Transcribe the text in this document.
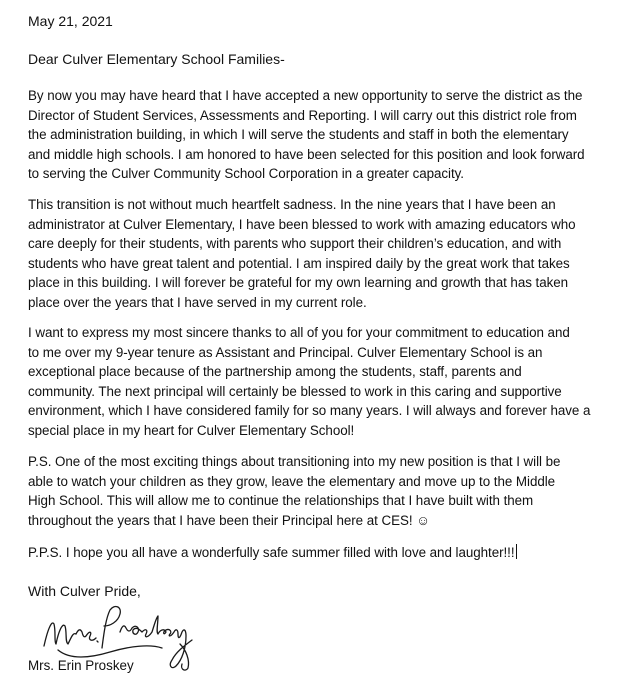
May 21, 2021
Dear Culver Elementary School Families-
By now you may have heard that I have accepted a new opportunity to serve the district as the
Director of Student Services, Assessments and Reporting. I will carry out this district role from
the administration building, in which I will serve the students and staff in both the elementary
and middle high schools. I am honored to have been selected for this position and look forward
to serving the Culver Community School Corporation in a greater capacity.
This transition is not without much heartfelt sadness. In the nine years that I have been an
administrator at Culver Elementary, I have been blessed to work with amazing educators who
care deeply for their students, with parents who support their children’s education, and with
students who have great talent and potential. I am inspired daily by the great work that takes
place in this building. I will forever be grateful for my own learning and growth that has taken
place over the years that I have served in my current role.
I want to express my most sincere thanks to all of you for your commitment to education and
to me over my 9-year tenure as Assistant and Principal. Culver Elementary School is an
exceptional place because of the partnership among the students, staff, parents and
community. The next principal will certainly be blessed to work in this caring and supportive
environment, which I have considered family for so many years. I will always and forever have a
special place in my heart for Culver Elementary School!
P.S. One of the most exciting things about transitioning into my new position is that I will be
able to watch your children as they grow, leave the elementary and move up to the Middle
High School. This will allow me to continue the relationships that I have built with them
throughout the years that I have been their Principal here at CES! ☺
P.P.S. I hope you all have a wonderfully safe summer filled with love and laughter!!!
With Culver Pride,
Mrs. Erin Proskey
